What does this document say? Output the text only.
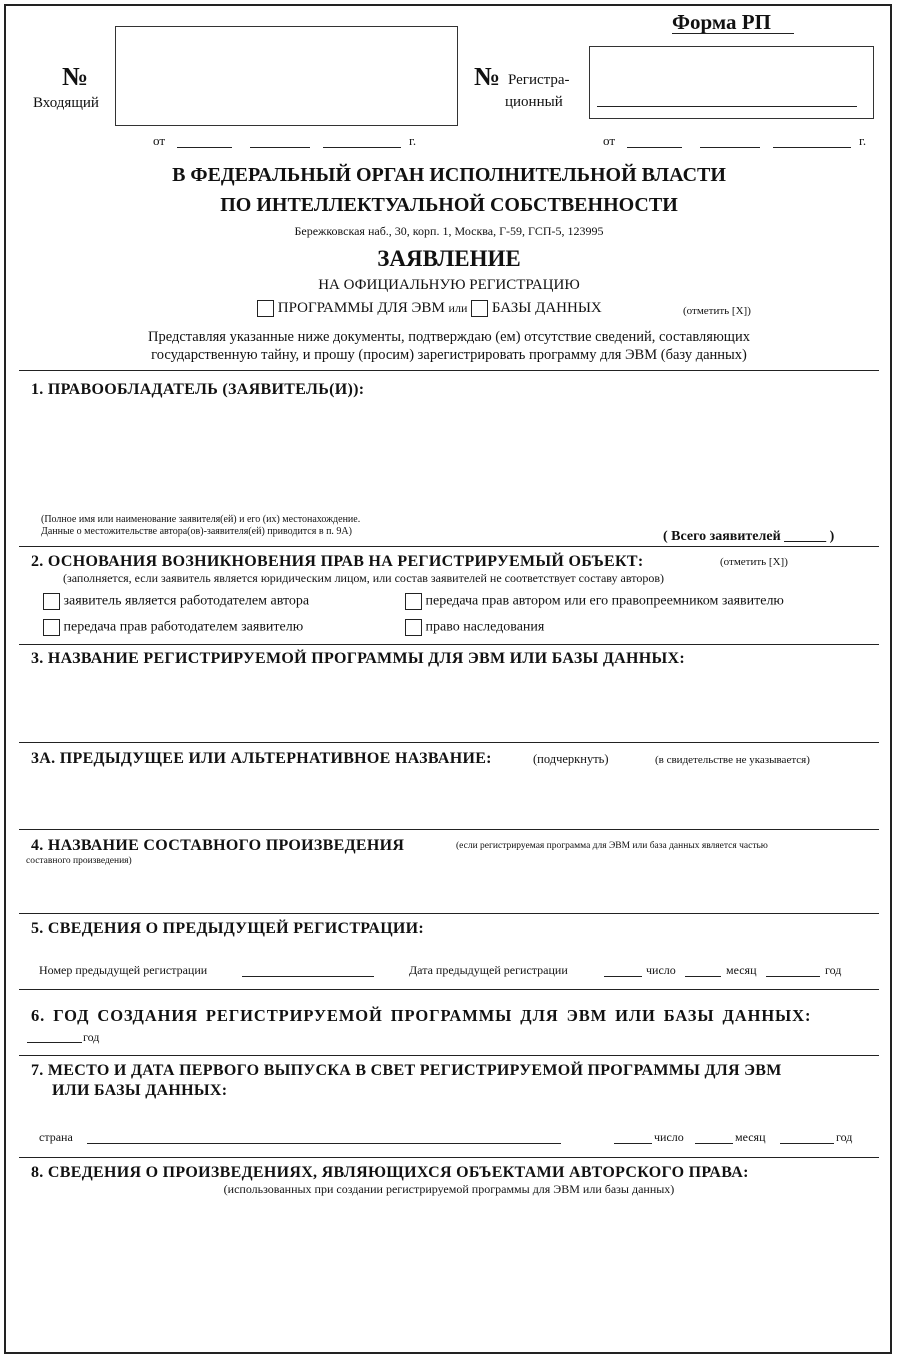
Форма РП
№
Входящий
от	г.
№ Регистра-
ционный
от	г.
В ФЕДЕРАЛЬНЫЙ ОРГАН ИСПОЛНИТЕЛЬНОЙ ВЛАСТИ
ПО ИНТЕЛЛЕКТУАЛЬНОЙ СОБСТВЕННОСТИ
Бережковская наб., 30, корп. 1, Москва, Г-59, ГСП-5, 123995
ЗАЯВЛЕНИЕ
НА ОФИЦИАЛЬНУЮ РЕГИСТРАЦИЮ
ПРОГРАММЫ ДЛЯ ЭВМ или БАЗЫ ДАННЫХ	(отметить [X])
Представляя указанные ниже документы, подтверждаю (ем) отсутствие сведений, составляющих
государственную тайну, и прошу (просим) зарегистрировать программу для ЭВМ (базу данных)
1. ПРАВООБЛАДАТЕЛЬ (ЗАЯВИТЕЛЬ(И)):
(Полное имя или наименование заявителя(ей) и его (их) местонахождение.
Данные о местожительстве автора(ов)-заявителя(ей) приводится в п. 9А)	( Всего заявителей ______ )
2. ОСНОВАНИЯ ВОЗНИКНОВЕНИЯ ПРАВ НА РЕГИСТРИРУЕМЫЙ ОБЪЕКТ:	(отметить [X])
(заполняется, если заявитель является юридическим лицом, или состав заявителей не соответствует составу авторов)
заявитель является работодателем автора	передача прав автором или его правопреемником заявителю
передача прав работодателем заявителю	право наследования
3. НАЗВАНИЕ РЕГИСТРИРУЕМОЙ ПРОГРАММЫ ДЛЯ ЭВМ ИЛИ БАЗЫ ДАННЫХ:
3А. ПРЕДЫДУЩЕЕ ИЛИ АЛЬТЕРНАТИВНОЕ НАЗВАНИЕ:	(подчеркнуть)	(в свидетельстве не указывается)
4. НАЗВАНИЕ СОСТАВНОГО ПРОИЗВЕДЕНИЯ	(если регистрируемая программа для ЭВМ или база данных является частью
составного произведения)
5. СВЕДЕНИЯ О ПРЕДЫДУЩЕЙ РЕГИСТРАЦИИ:
Номер предыдущей регистрации	Дата предыдущей регистрации	число	месяц	год
6. ГОД СОЗДАНИЯ РЕГИСТРИРУЕМОЙ ПРОГРАММЫ ДЛЯ ЭВМ ИЛИ БАЗЫ ДАННЫХ:
год
7. МЕСТО И ДАТА ПЕРВОГО ВЫПУСКА В СВЕТ РЕГИСТРИРУЕМОЙ ПРОГРАММЫ ДЛЯ ЭВМ
ИЛИ БАЗЫ ДАННЫХ:
страна	число	месяц	год
8. СВЕДЕНИЯ О ПРОИЗВЕДЕНИЯХ, ЯВЛЯЮЩИХСЯ ОБЪЕКТАМИ АВТОРСКОГО ПРАВА:
(использованных при создании регистрируемой программы для ЭВМ или базы данных)
